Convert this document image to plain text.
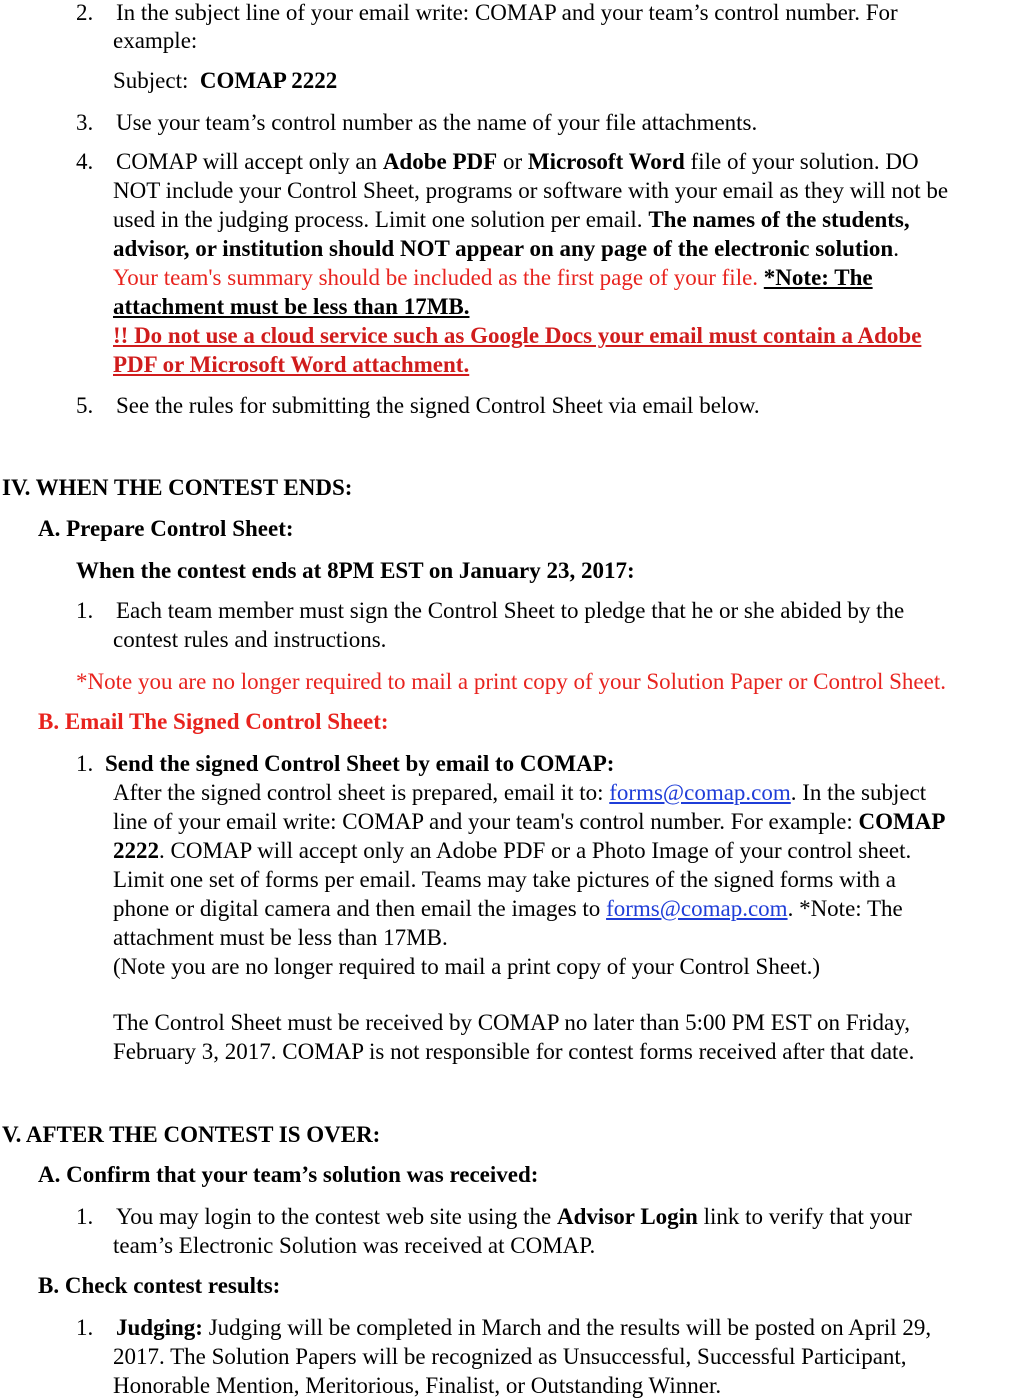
2. In the subject line of your email write: COMAP and your team’s control number. For

example:

Subject: COMAP 2222

3. Use your team’s control number as the name of your file attachments.

4. COMAP will accept only an Adobe PDF or Microsoft Word file of your solution. DO

NOT include your Control Sheet, programs or software with your email as they will not be

used in the judging process. Limit one solution per email. The names of the students,

advisor, or institution should NOT appear on any page of the electronic solution.

Your team's summary should be included as the first page of your file. *Note: The

attachment must be less than 17MB.

!! Do not use a cloud service such as Google Docs your email must contain a Adobe

PDF or Microsoft Word attachment.

5. See the rules for submitting the signed Control Sheet via email below.

IV. WHEN THE CONTEST ENDS:

A. Prepare Control Sheet:

When the contest ends at 8PM EST on January 23, 2017:

1. Each team member must sign the Control Sheet to pledge that he or she abided by the

contest rules and instructions.

*Note you are no longer required to mail a print copy of your Solution Paper or Control Sheet.

B. Email The Signed Control Sheet:

1. Send the signed Control Sheet by email to COMAP:

After the signed control sheet is prepared, email it to: forms@comap.com. In the subject

line of your email write: COMAP and your team's control number. For example: COMAP

2222. COMAP will accept only an Adobe PDF or a Photo Image of your control sheet.

Limit one set of forms per email. Teams may take pictures of the signed forms with a

phone or digital camera and then email the images to forms@comap.com. *Note: The

attachment must be less than 17MB.

(Note you are no longer required to mail a print copy of your Control Sheet.)

The Control Sheet must be received by COMAP no later than 5:00 PM EST on Friday,

February 3, 2017. COMAP is not responsible for contest forms received after that date.

V. AFTER THE CONTEST IS OVER:

A. Confirm that your team’s solution was received:

1. You may login to the contest web site using the Advisor Login link to verify that your

team’s Electronic Solution was received at COMAP.

B. Check contest results:

1. Judging: Judging will be completed in March and the results will be posted on April 29,

2017. The Solution Papers will be recognized as Unsuccessful, Successful Participant,

Honorable Mention, Meritorious, Finalist, or Outstanding Winner.
